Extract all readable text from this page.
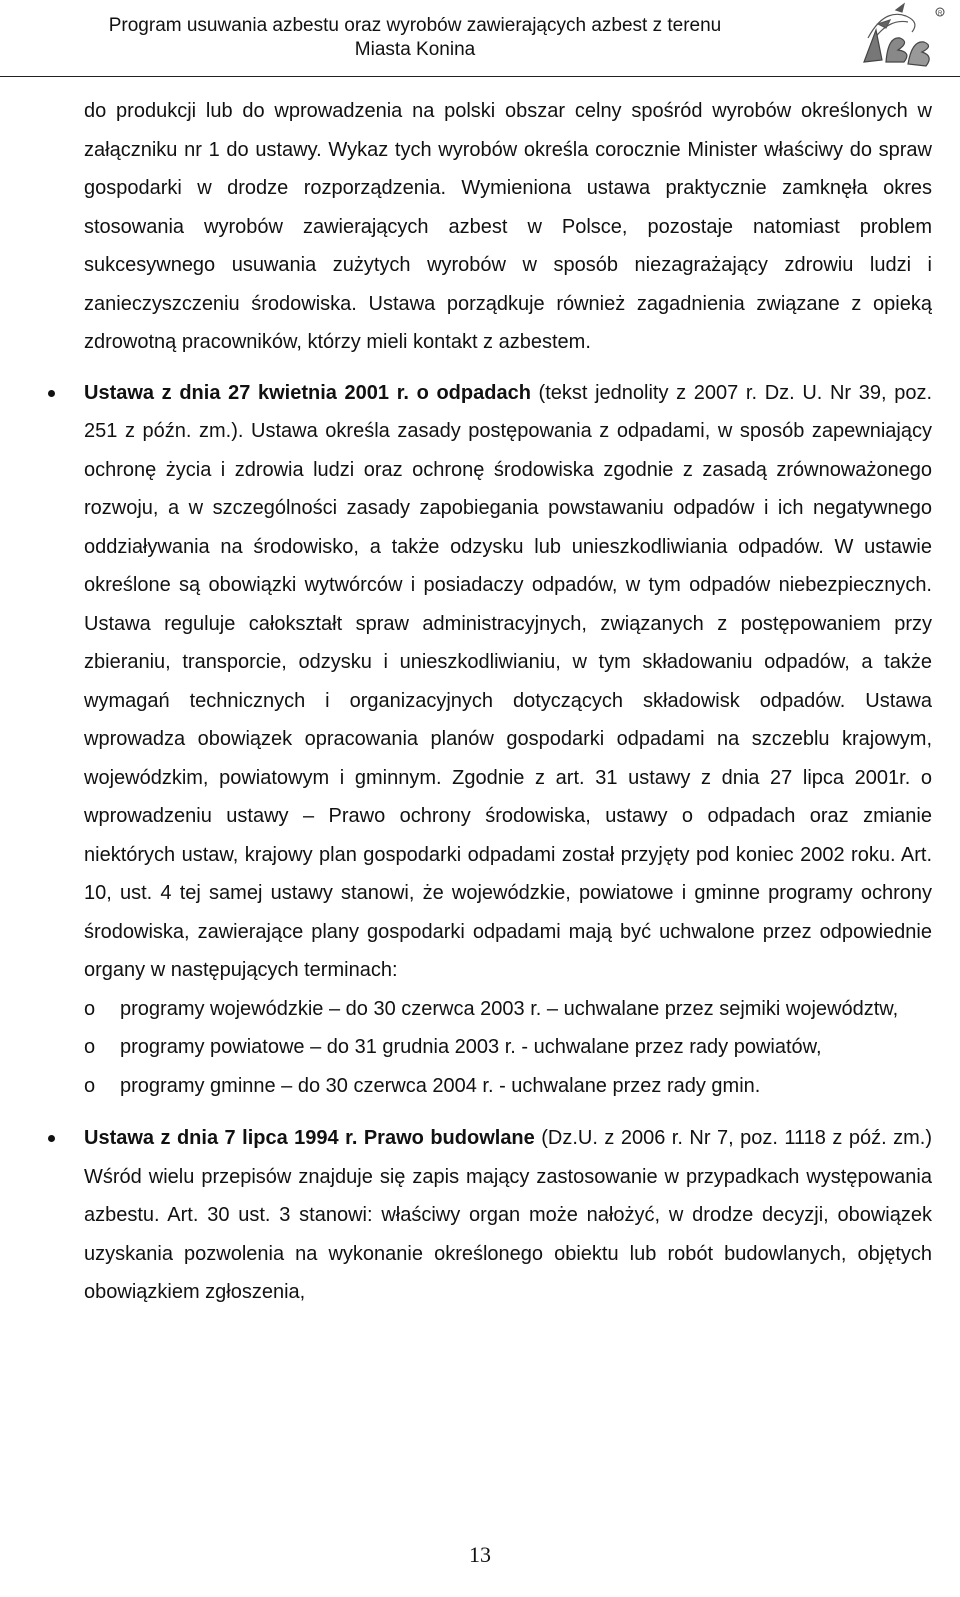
Program usuwania azbestu oraz wyrobów zawierających azbest z terenu
Miasta Konina
R
do produkcji lub do wprowadzenia na polski obszar celny spośród wyrobów określonych w załączniku nr 1 do ustawy. Wykaz tych wyrobów określa corocznie Minister właściwy do spraw gospodarki w drodze rozporządzenia. Wymieniona ustawa praktycznie zamknęła okres stosowania wyrobów zawierających azbest w Polsce, pozostaje natomiast problem sukcesywnego usuwania zużytych wyrobów w sposób niezagrażający zdrowiu ludzi i zanieczyszczeniu środowiska. Ustawa porządkuje również zagadnienia związane z opieką zdrowotną pracowników, którzy mieli kontakt z azbestem.
Ustawa z dnia 27 kwietnia 2001 r. o odpadach (tekst jednolity z 2007 r. Dz. U. Nr 39, poz. 251 z późn. zm.). Ustawa określa zasady postępowania z odpadami, w sposób zapewniający ochronę życia i zdrowia ludzi oraz ochronę środowiska zgodnie z zasadą zrównoważonego rozwoju, a w szczególności zasady zapobiegania powstawaniu odpadów i ich negatywnego oddziaływania na środowisko, a także odzysku lub unieszkodliwiania odpadów. W ustawie określone są obowiązki wytwórców i posiadaczy odpadów, w tym odpadów niebezpiecznych. Ustawa reguluje całokształt spraw administracyjnych, związanych z postępowaniem przy zbieraniu, transporcie, odzysku i unieszkodliwianiu, w tym składowaniu odpadów, a także wymagań technicznych i organizacyjnych dotyczących składowisk odpadów. Ustawa wprowadza obowiązek opracowania planów gospodarki odpadami na szczeblu krajowym, wojewódzkim, powiatowym i gminnym. Zgodnie z art. 31 ustawy z dnia 27 lipca 2001r. o wprowadzeniu ustawy – Prawo ochrony środowiska, ustawy o odpadach oraz zmianie niektórych ustaw, krajowy plan gospodarki odpadami został przyjęty pod koniec 2002 roku. Art. 10, ust. 4 tej samej ustawy stanowi, że wojewódzkie, powiatowe i gminne programy ochrony środowiska, zawierające plany gospodarki odpadami mają być uchwalone przez odpowiednie organy w następujących terminach:
o programy wojewódzkie – do 30 czerwca 2003 r. – uchwalane przez sejmiki województw,
o programy powiatowe – do 31 grudnia 2003 r. - uchwalane przez rady powiatów,
o programy gminne – do 30 czerwca 2004 r. - uchwalane przez rady gmin.
Ustawa z dnia 7 lipca 1994 r. Prawo budowlane (Dz.U. z 2006 r. Nr 7, poz. 1118 z póź. zm.) Wśród wielu przepisów znajduje się zapis mający zastosowanie w przypadkach występowania azbestu. Art. 30 ust. 3 stanowi: właściwy organ może nałożyć, w drodze decyzji, obowiązek uzyskania pozwolenia na wykonanie określonego obiektu lub robót budowlanych, objętych obowiązkiem zgłoszenia,
13
